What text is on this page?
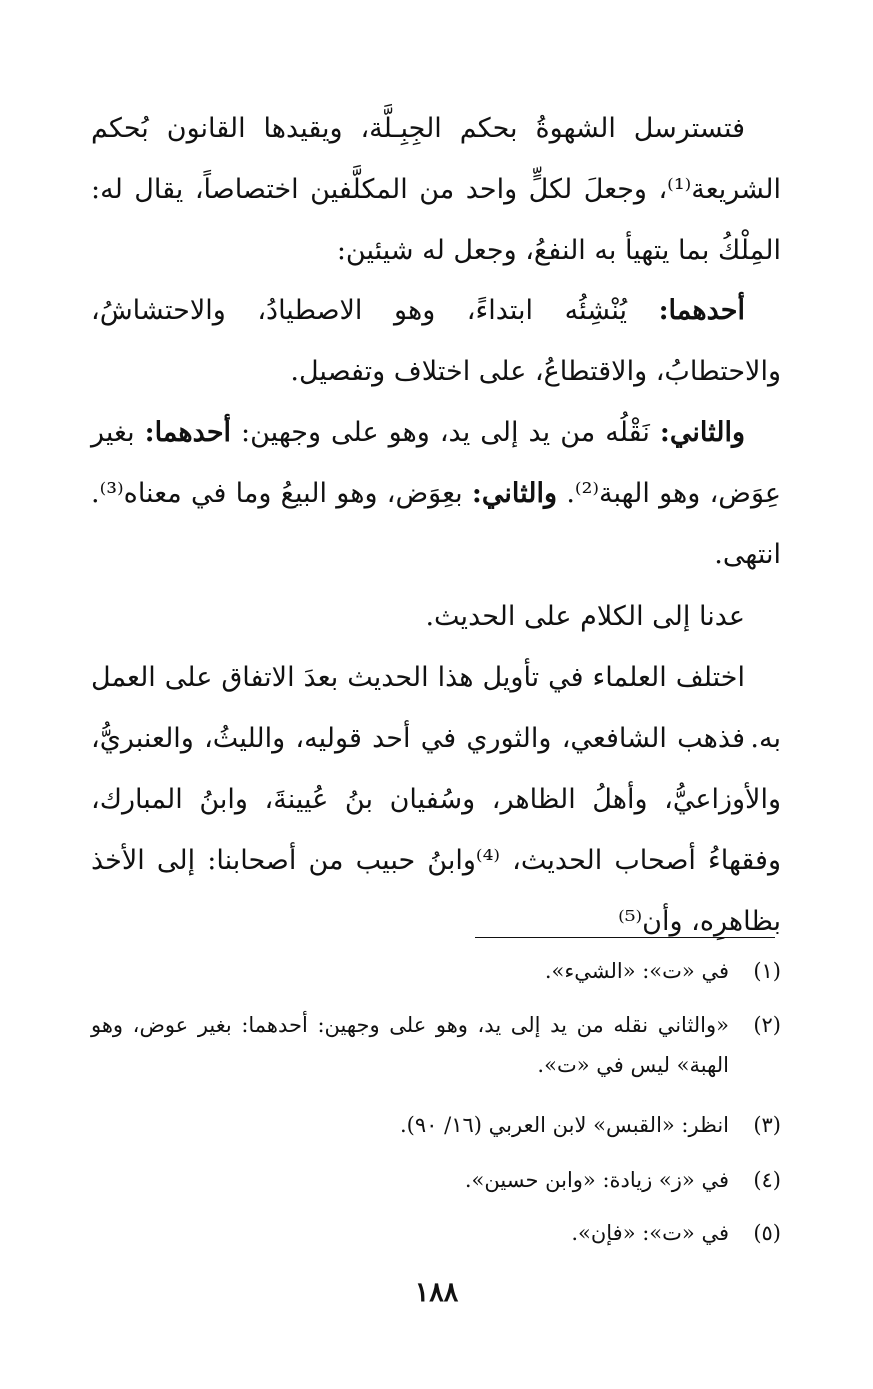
فتسترسل الشهوةُ بحكم الجِبِـلَّة، ويقيدها القانون بُحكم الشريعة⁽¹⁾، وجعلَ لكلٍّ واحد من المكلَّفين اختصاصاً، يقال له: المِلْكُ بما يتهيأ به النفعُ، وجعل له شيئين:

أحدهما: يُنْشِئُه ابتداءً، وهو الاصطيادُ، والاحتشاشُ، والاحتطابُ، والاقتطاعُ، على اختلاف وتفصيل.

والثاني: نَقْلُه من يد إلى يد، وهو على وجهين: أحدهما: بغير عِوَض، وهو الهبة⁽²⁾. والثاني: بعِوَض، وهو البيعُ وما في معناه⁽³⁾. انتهى.

عدنا إلى الكلام على الحديث.

اختلف العلماء في تأويل هذا الحديث بعدَ الاتفاق على العمل به.

فذهب الشافعي، والثوري في أحد قوليه، والليثُ، والعنبريُّ، والأوزاعيُّ، وأهلُ الظاهر، وسُفيان بنُ عُيينةَ، وابنُ المبارك، وفقهاءُ أصحاب الحديث، ⁽⁴⁾وابنُ حبيب من أصحابنا: إلى الأخذ بظاهرِه، وأن⁽⁵⁾

(١)
في «ت»: «الشيء».
(٢)
«والثاني نقله من يد إلى يد، وهو على وجهين: أحدهما: بغير عوض، وهو الهبة» ليس في «ت».
(٣)
انظر: «القبس» لابن العربي (١٦/ ٩٠).
(٤)
في «ز» زيادة: «وابن حسين».
(٥)
في «ت»: «فإن».
١٨٨
